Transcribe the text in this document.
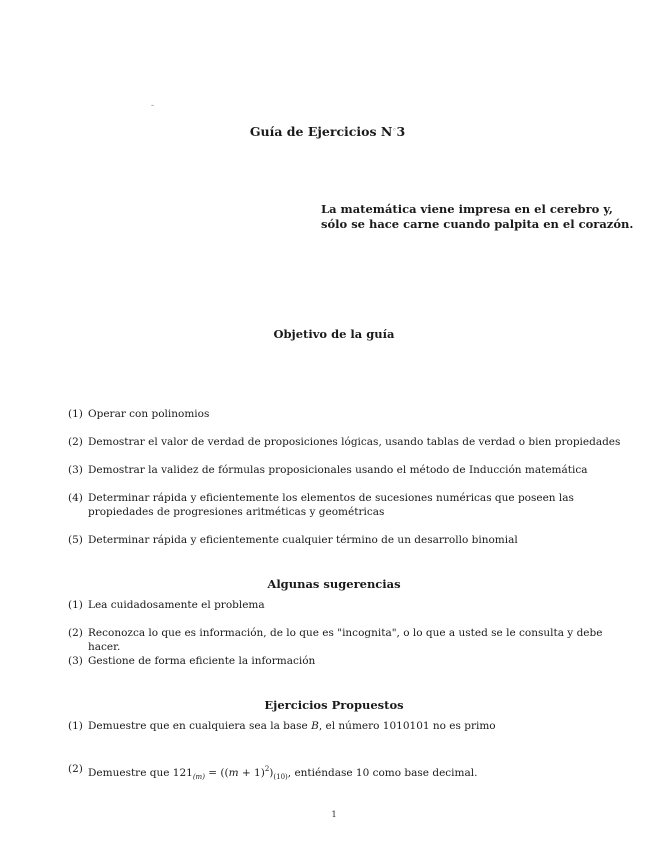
-
Guía de Ejercicios N◦3
La matemática viene impresa en el cerebro y,
sólo se hace carne cuando palpita en el corazón.
Objetivo de la guía
(1) Operar con polinomios
(2) Demostrar el valor de verdad de proposiciones lógicas, usando tablas de verdad o bien propiedades
(3) Demostrar la validez de fórmulas proposicionales usando el método de Inducción matemática
(4) Determinar rápida y eficientemente los elementos de sucesiones numéricas que poseen las propiedades de progresiones aritméticas y geométricas
(5) Determinar rápida y eficientemente cualquier término de un desarrollo binomial
Algunas sugerencias
(1) Lea cuidadosamente el problema
(2) Reconozca lo que es información, de lo que es "incognita", o lo que a usted se le consulta y debe hacer.
(3) Gestione de forma eficiente la información
Ejercicios Propuestos
(1) Demuestre que en cualquiera sea la base B, el número 1010101 no es primo
(2) Demuestre que $121_{(m)} = ((m + 1)^2)_{(10)}$, entiéndase 10 como base decimal.
1
